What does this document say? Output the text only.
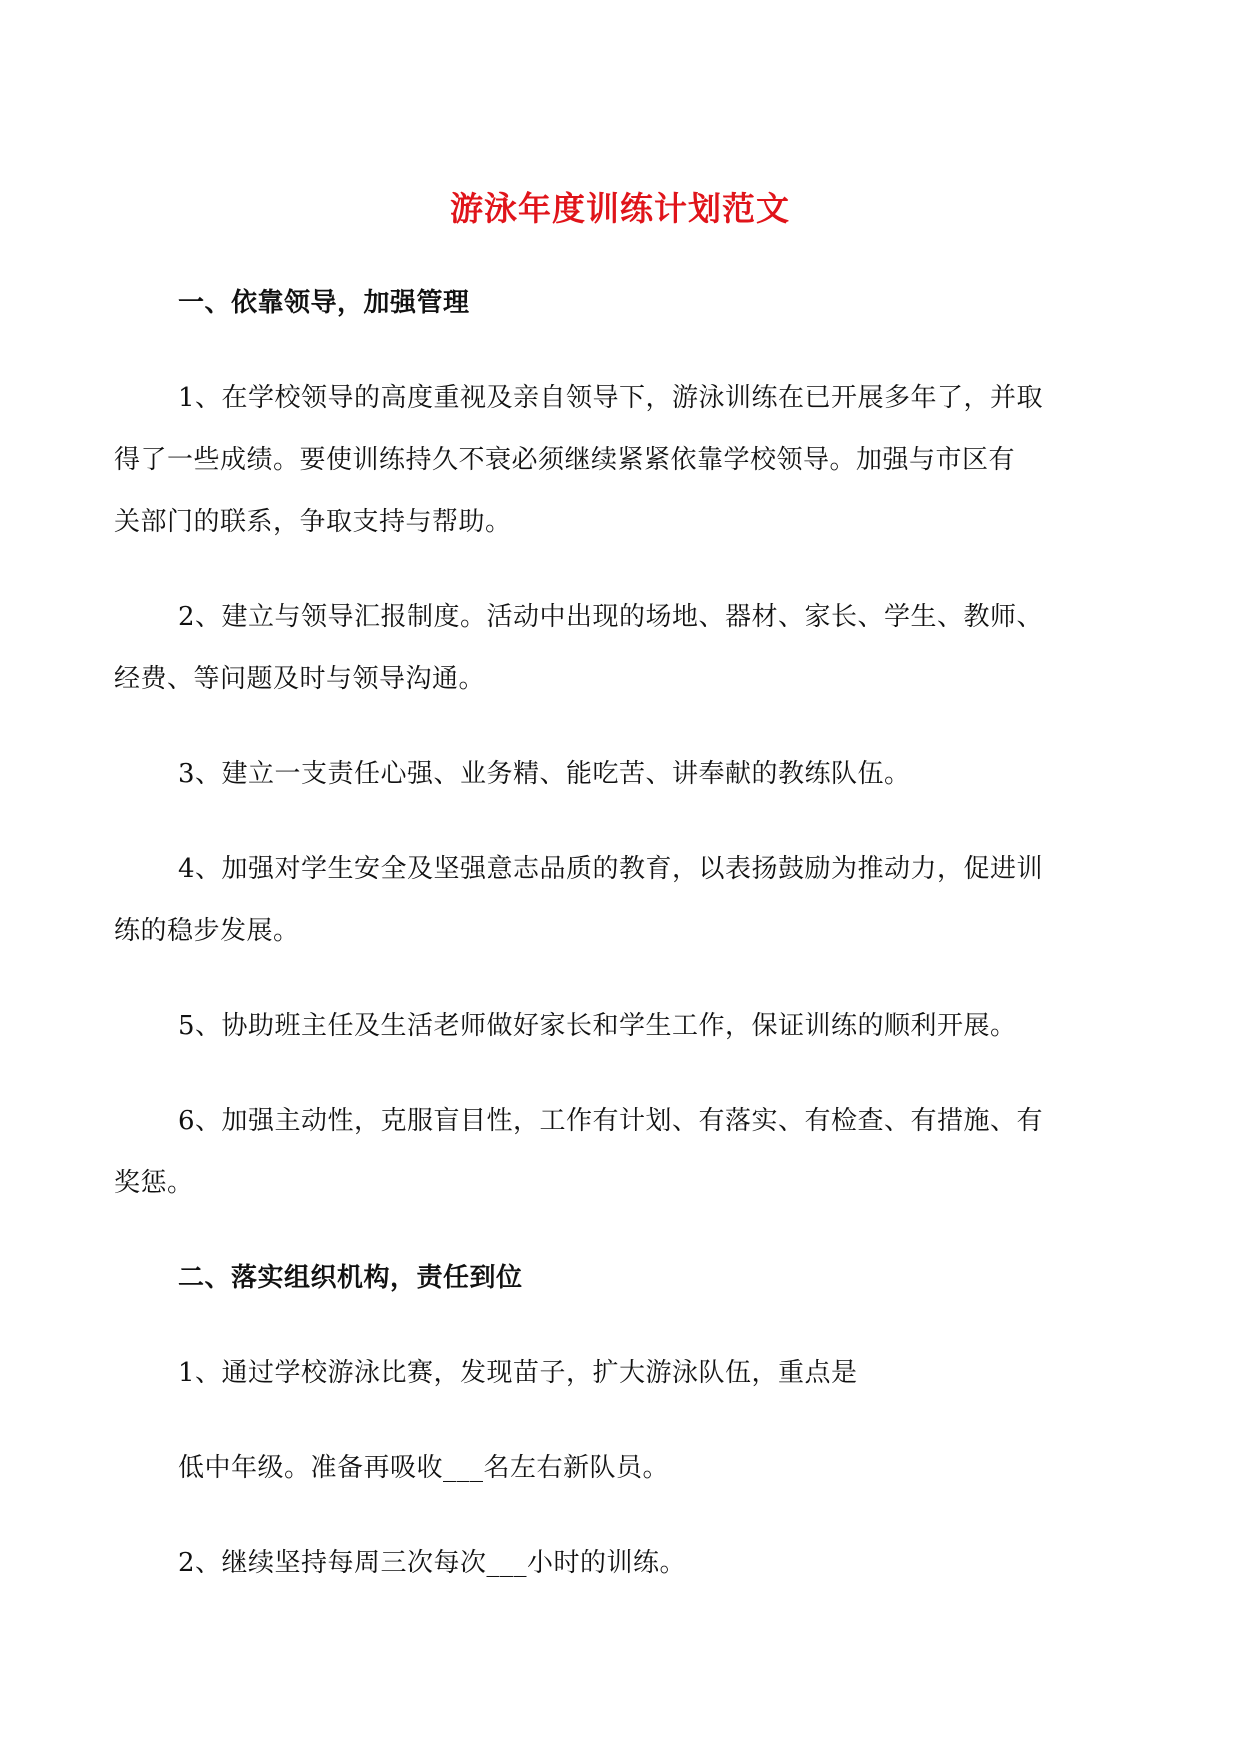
游泳年度训练计划范文
一、依靠领导，加强管理
1、在学校领导的高度重视及亲自领导下，游泳训练在已开展多年了，并取
得了一些成绩。要使训练持久不衰必须继续紧紧依靠学校领导。加强与市区有
关部门的联系，争取支持与帮助。
2、建立与领导汇报制度。活动中出现的场地、器材、家长、学生、教师、
经费、等问题及时与领导沟通。
3、建立一支责任心强、业务精、能吃苦、讲奉献的教练队伍。
4、加强对学生安全及坚强意志品质的教育，以表扬鼓励为推动力，促进训
练的稳步发展。
5、协助班主任及生活老师做好家长和学生工作，保证训练的顺利开展。
6、加强主动性，克服盲目性，工作有计划、有落实、有检查、有措施、有
奖惩。
二、落实组织机构，责任到位
1、通过学校游泳比赛，发现苗子，扩大游泳队伍，重点是
低中年级。准备再吸收___名左右新队员。
2、继续坚持每周三次每次___小时的训练。
